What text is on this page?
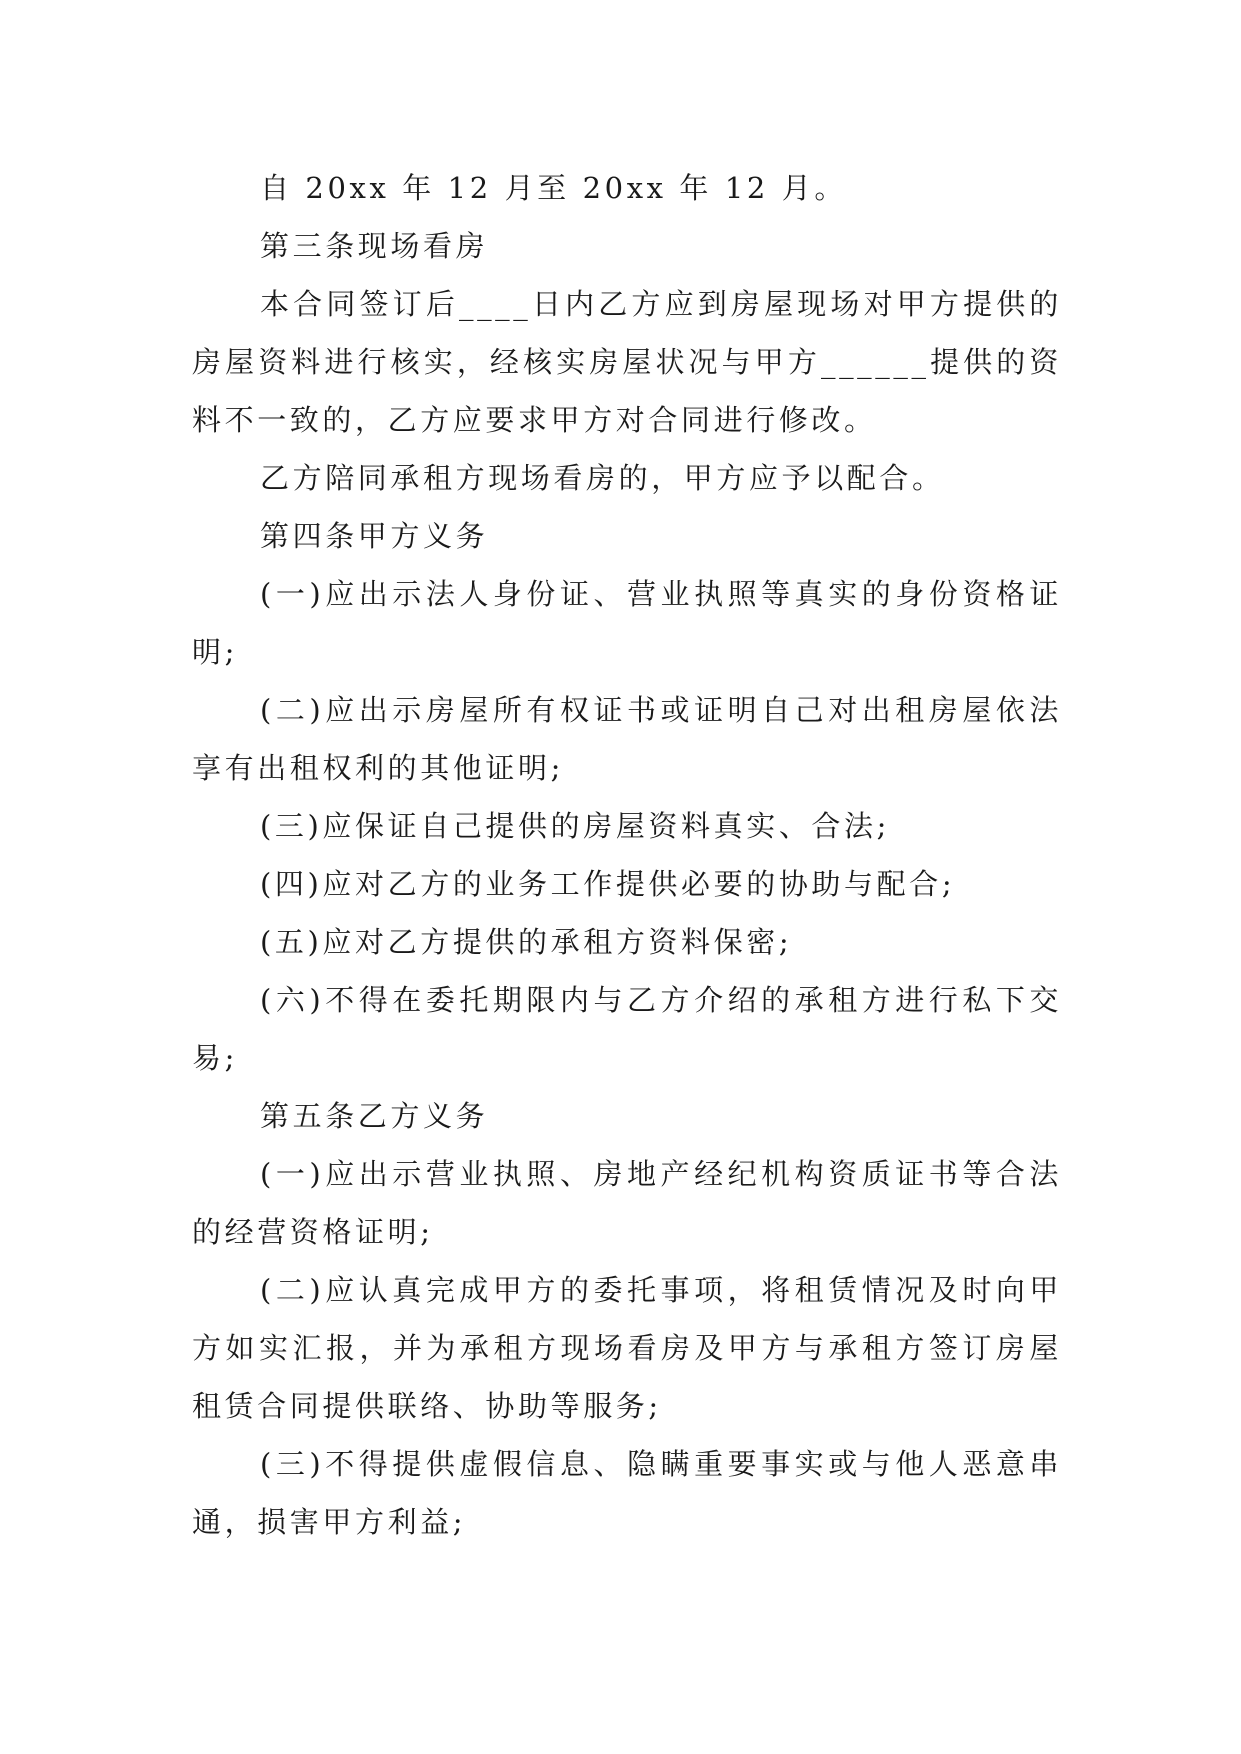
自 20xx 年 12 月至 20xx 年 12 月。

第三条现场看房

本合同签订后____日内乙方应到房屋现场对甲方提供的房屋资料进行核实，经核实房屋状况与甲方______提供的资料不一致的，乙方应要求甲方对合同进行修改。

乙方陪同承租方现场看房的，甲方应予以配合。

第四条甲方义务

(一)应出示法人身份证、营业执照等真实的身份资格证明;

(二)应出示房屋所有权证书或证明自己对出租房屋依法享有出租权利的其他证明;

(三)应保证自己提供的房屋资料真实、合法;

(四)应对乙方的业务工作提供必要的协助与配合;

(五)应对乙方提供的承租方资料保密;

(六)不得在委托期限内与乙方介绍的承租方进行私下交易;

第五条乙方义务

(一)应出示营业执照、房地产经纪机构资质证书等合法的经营资格证明;

(二)应认真完成甲方的委托事项，将租赁情况及时向甲方如实汇报，并为承租方现场看房及甲方与承租方签订房屋租赁合同提供联络、协助等服务;

(三)不得提供虚假信息、隐瞒重要事实或与他人恶意串通，损害甲方利益;
